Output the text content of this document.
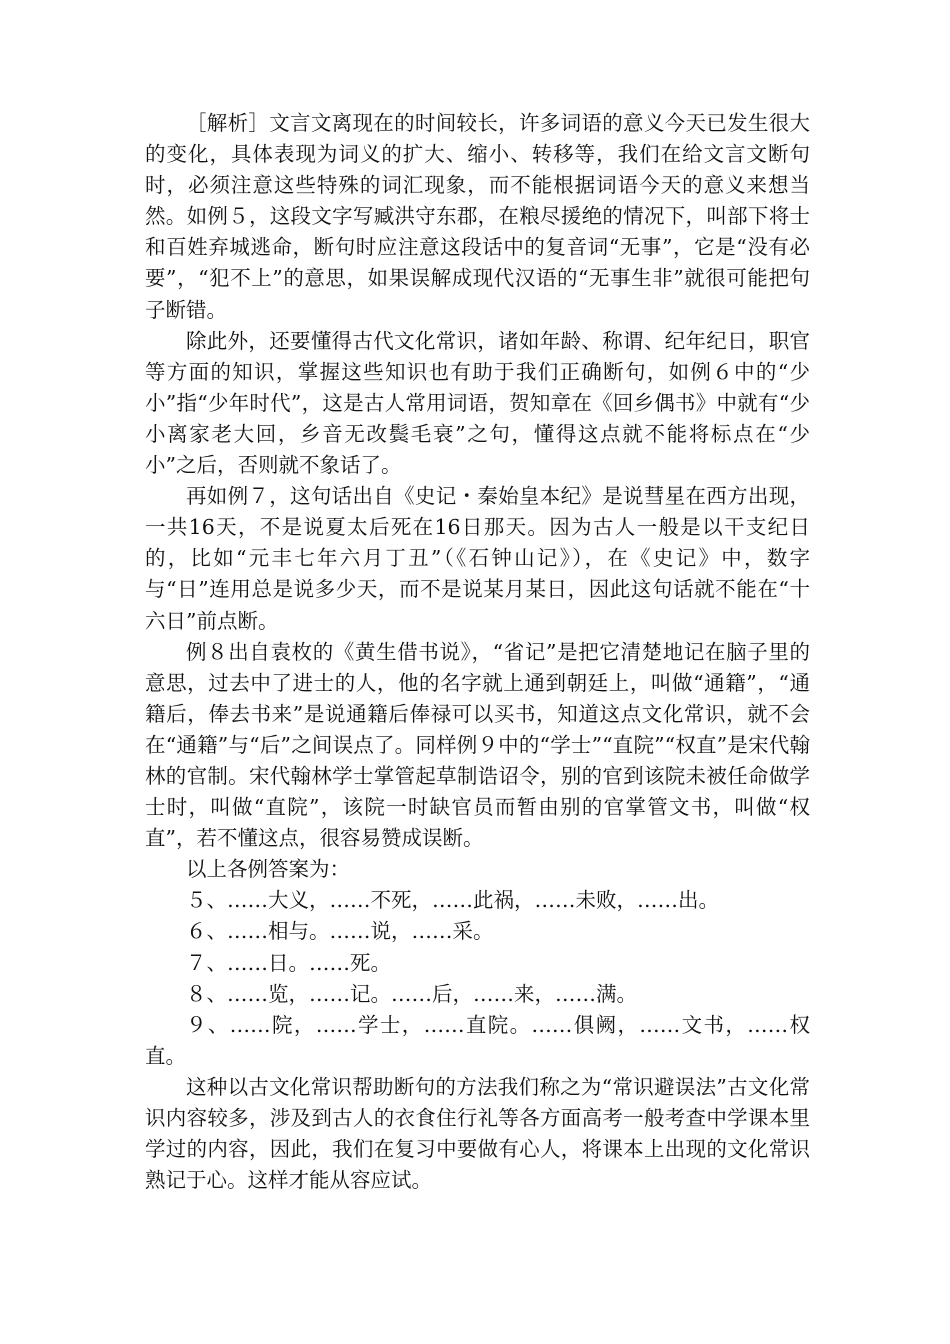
［解析］文言文离现在的时间较长，许多词语的意义今天已发生很大的变化，具体表现为词义的扩大、缩小、转移等，我们在给文言文断句时，必须注意这些特殊的词汇现象，而不能根据词语今天的意义来想当然。如例５，这段文字写臧洪守东郡，在粮尽援绝的情况下，叫部下将士和百姓弃城逃命，断句时应注意这段话中的复音词“无事”，它是“没有必要”，“犯不上”的意思，如果误解成现代汉语的“无事生非”就很可能把句子断错。

除此外，还要懂得古代文化常识，诸如年龄、称谓、纪年纪日，职官等方面的知识，掌握这些知识也有助于我们正确断句，如例６中的“少小”指“少年时代”，这是古人常用词语，贺知章在《回乡偶书》中就有“少小离家老大回，乡音无改鬓毛衰”之句，懂得这点就不能将标点在“少小”之后，否则就不象话了。

再如例７，这句话出自《史记・秦始皇本纪》是说彗星在西方出现，一共16天，不是说夏太后死在16日那天。因为古人一般是以干支纪日的，比如“元丰七年六月丁丑”（《石钟山记》），在《史记》中，数字与“日”连用总是说多少天，而不是说某月某日，因此这句话就不能在“十六日”前点断。

例８出自袁枚的《黄生借书说》，“省记”是把它清楚地记在脑子里的意思，过去中了进士的人，他的名字就上通到朝廷上，叫做“通籍”，“通籍后，俸去书来”是说通籍后俸禄可以买书，知道这点文化常识，就不会在“通籍”与“后”之间误点了。同样例９中的“学士”“直院”“权直”是宋代翰林的官制。宋代翰林学士掌管起草制诰诏令，别的官到该院未被任命做学士时，叫做“直院”，该院一时缺官员而暂由别的官掌管文书，叫做“权直”，若不懂这点，很容易赞成误断。

以上各例答案为：

５、……大义，……不死，……此祸，……未败，……出。

６、……相与。……说，……采。

７、……日。……死。

８、……览，……记。……后，……来，……满。

９、……院，……学士，……直院。……俱阙，……文书，……权直。

这种以古文化常识帮助断句的方法我们称之为“常识避误法”古文化常识内容较多，涉及到古人的衣食住行礼等各方面高考一般考查中学课本里学过的内容，因此，我们在复习中要做有心人，将课本上出现的文化常识熟记于心。这样才能从容应试。
